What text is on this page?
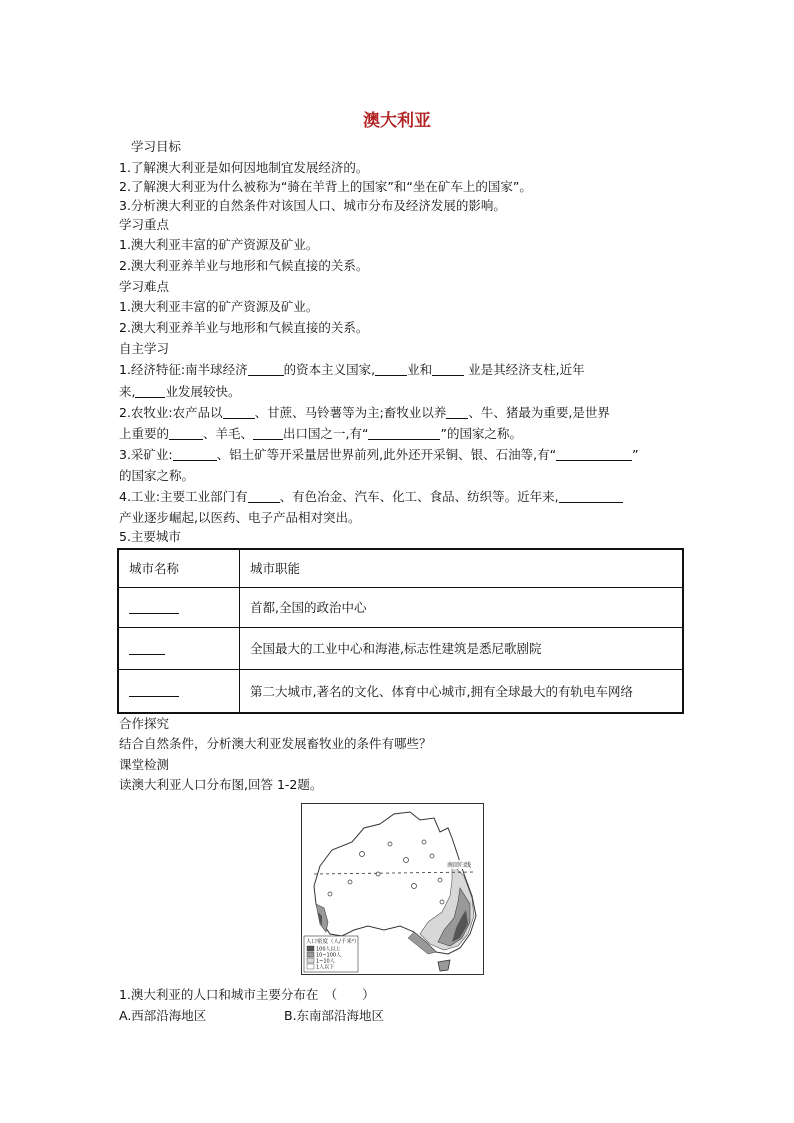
澳大利亚
学习目标
1.了解澳大利亚是如何因地制宜发展经济的。
2.了解澳大利亚为什么被称为“骑在羊背上的国家”和“坐在矿车上的国家”。
3.分析澳大利亚的自然条件对该国人口、城市分布及经济发展的影响。
学习重点
1.澳大利亚丰富的矿产资源及矿业。
2.澳大利亚养羊业与地形和气候直接的关系。
学习难点
1.澳大利亚丰富的矿产资源及矿业。
2.澳大利亚养羊业与地形和气候直接的关系。
自主学习
1.经济特征:南半球经济	的资本主义国家,	业和	业是其经济支柱,近年
来, 业发展较快。
2.农牧业:农产品以	、甘蔗、马铃薯等为主;畜牧业以养 、牛、猪最为重要,是世界
上重要的	、羊毛、 出口国之一,有“	”的国家之称。
3.采矿业:	、铝土矿等开采量居世界前列,此外还开采铜、银、石油等,有“	”
的国家之称。
4.工业:主要工业部门有	、有色冶金、汽车、化工、食品、纺织等。近年来,
产业逐步崛起,以医药、电子产品相对突出。
5.主要城市
城市名称	城市职能
	首都,全国的政治中心
	全国最大的工业中心和海港,标志性建筑是悉尼歌剧院
	第二大城市,著名的文化、体育中心城市,拥有全球最大的有轨电车网络
合作探究
结合自然条件，分析澳大利亚发展畜牧业的条件有哪些？
课堂检测
读澳大利亚人口分布图,回答 1-2题。
南回归线
人口密度（人/千米²）
100人以上
10~100人
1~10人
1人以下
1.澳大利亚的人口和城市主要分布在　（　　）
A.西部沿海地区	B.东南部沿海地区
